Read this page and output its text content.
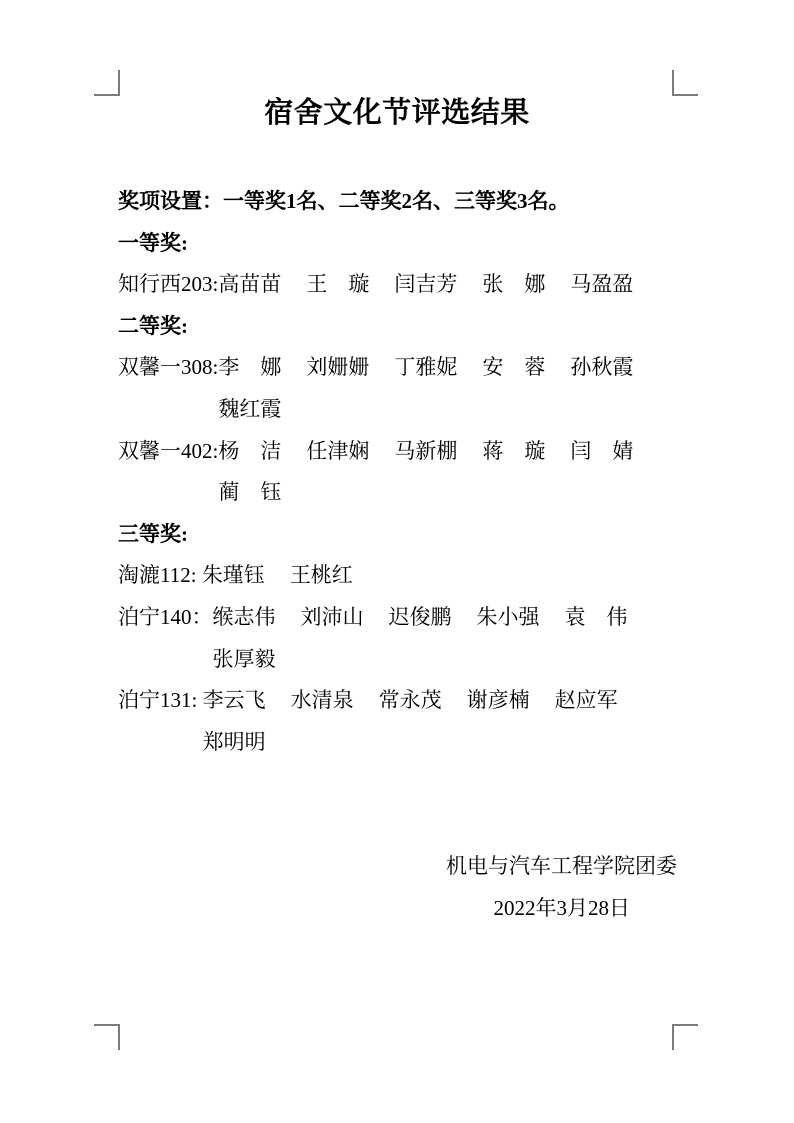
宿舍文化节评选结果

奖项设置：一等奖1名、二等奖2名、三等奖3名。

一等奖:

知行西203: 高苗苗	王　璇	闫吉芳	张　娜	马盈盈

二等奖:

双馨一308: 李　娜	刘姗姗	丁雅妮	安　蓉	孙秋霞
魏红霞
双馨一402: 杨　洁	任津娴	马新棚	蒋　璇	闫　婧
蔺　钰

三等奖:

淘漉112: 朱瑾钰	王桃红
泊宁140： 缑志伟	刘沛山	迟俊鹏	朱小强	袁　伟
张厚毅
泊宁131: 李云飞	水清泉	常永茂	谢彦楠	赵应军
郑明明
机电与汽车工程学院团委
2022年3月28日
